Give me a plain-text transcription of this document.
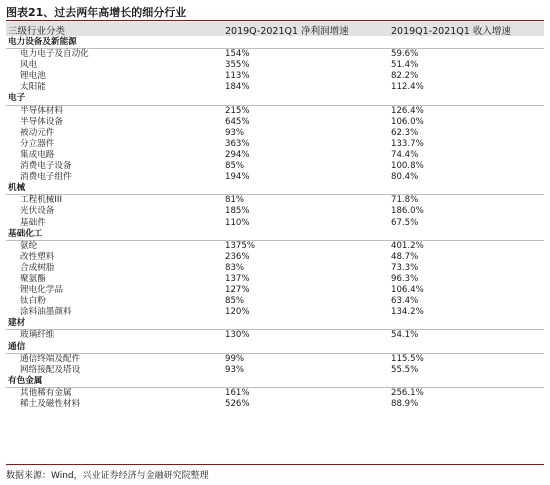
图表21、过去两年高增长的细分行业
三级行业分类	2019Q-2021Q1 净利润增速	2019Q1-2021Q1 收入增速
电力设备及新能源
电力电子及自动化	154%	59.6%
风电	355%	51.4%
锂电池	113%	82.2%
太阳能	184%	112.4%
电子
半导体材料	215%	126.4%
半导体设备	645%	106.0%
被动元件	93%	62.3%
分立器件	363%	133.7%
集成电路	294%	74.4%
消费电子设备	85%	100.8%
消费电子组件	194%	80.4%
机械
工程机械III	81%	71.8%
光伏设备	185%	186.0%
基础件	110%	67.5%
基础化工
氨纶	1375%	401.2%
改性塑料	236%	48.7%
合成树脂	83%	73.3%
聚氨酯	137%	96.3%
锂电化学品	127%	106.4%
钛白粉	85%	63.4%
涂料油墨颜料	120%	134.2%
建材
玻璃纤维	130%	54.1%
通信
通信终端及配件	99%	115.5%
网络接配及塔设	93%	55.5%
有色金属
其他稀有金属	161%	256.1%
稀土及磁性材料	526%	88.9%
数据来源：Wind，兴业证券经济与金融研究院整理
